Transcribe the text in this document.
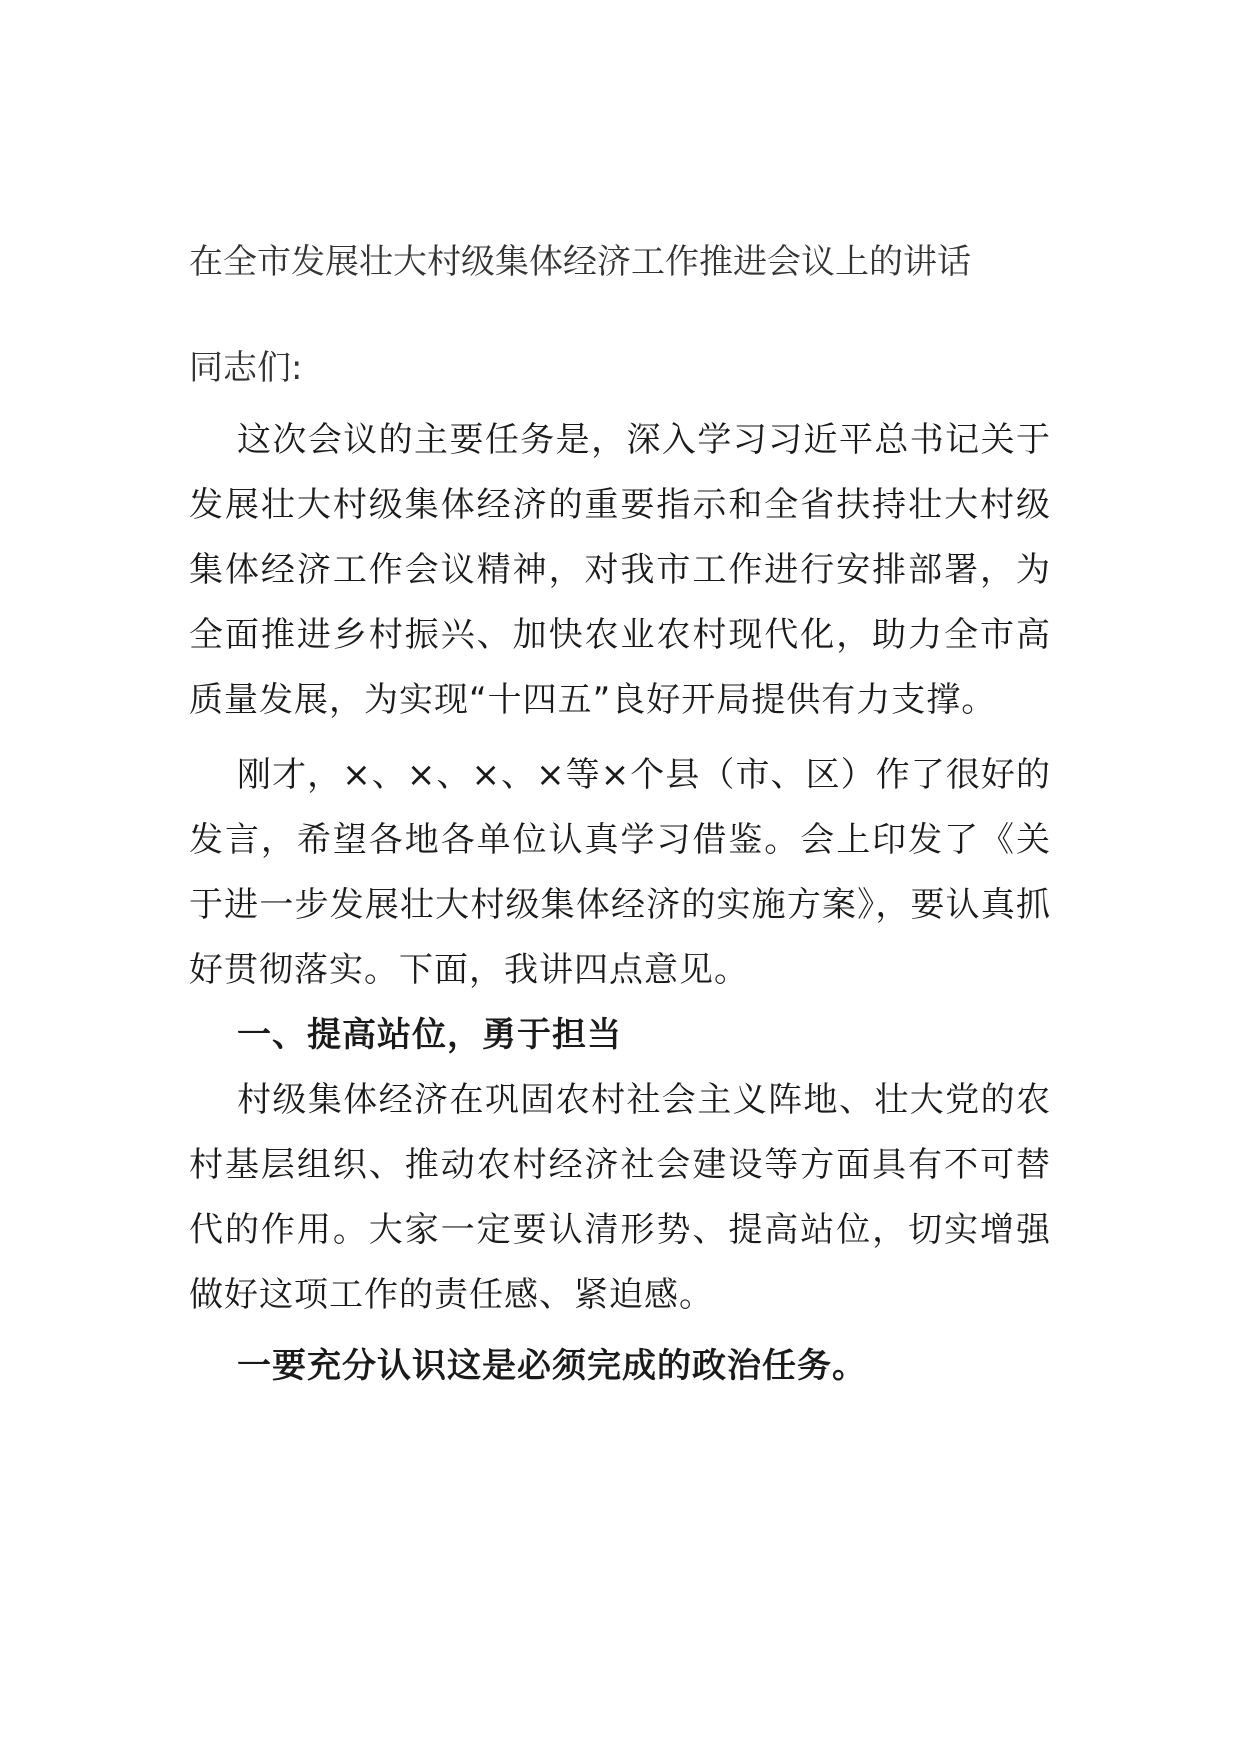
在全市发展壮大村级集体经济工作推进会议上的讲话

同志们:

这次会议的主要任务是，深入学习习近平总书记关于发展壮大村级集体经济的重要指示和全省扶持壮大村级集体经济工作会议精神，对我市工作进行安排部署，为全面推进乡村振兴、加快农业农村现代化，助力全市高质量发展，为实现“十四五”良好开局提供有力支撑。

刚才，×、×、×、×等×个县（市、区）作了很好的发言，希望各地各单位认真学习借鉴。会上印发了《关于进一步发展壮大村级集体经济的实施方案》，要认真抓好贯彻落实。下面，我讲四点意见。

一、提高站位，勇于担当

村级集体经济在巩固农村社会主义阵地、壮大党的农村基层组织、推动农村经济社会建设等方面具有不可替代的作用。大家一定要认清形势、提高站位，切实增强做好这项工作的责任感、紧迫感。

一要充分认识这是必须完成的政治任务。
